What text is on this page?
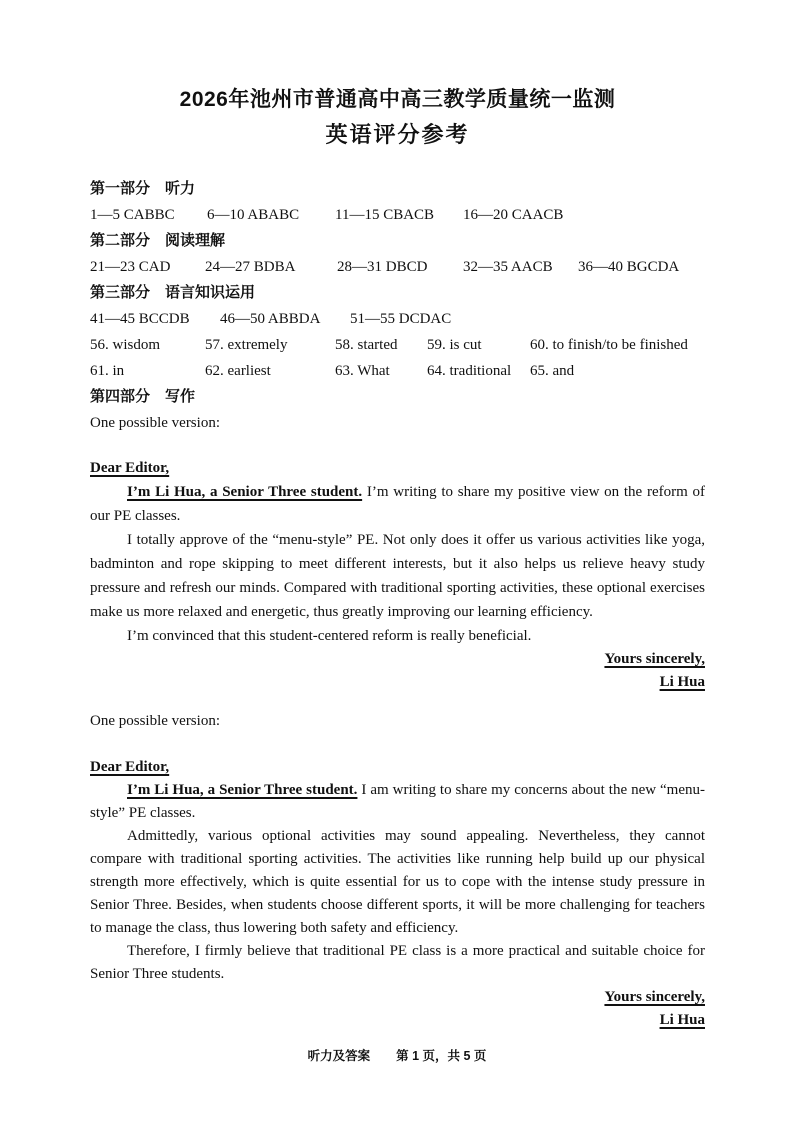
2026年池州市普通高中高三教学质量统一监测
英语评分参考

第一部分　听力

1—5 CABBC	6—10 ABABC	11—15 CBACB	16—20 CAACB

第二部分　阅读理解

21—23 CAD	24—27 BDBA	28—31 DBCD	32—35 AACB	36—40 BGCDA

第三部分　语言知识运用

41—45 BCCDB	46—50 ABBDA	51—55 DCDAC

56. wisdom	57. extremely	58. started	59. is cut	60. to finish/to be finished

61. in	62. earliest	63. What	64. traditional	65. and

第四部分　写作

One possible version:

Dear Editor,

I’m Li Hua, a Senior Three student. I’m writing to share my positive view on the reform of our PE classes.

I totally approve of the “menu-style” PE. Not only does it offer us various activities like yoga, badminton and rope skipping to meet different interests, but it also helps us relieve heavy study pressure and refresh our minds. Compared with traditional sporting activities, these optional exercises make us more relaxed and energetic, thus greatly improving our learning efficiency.

I’m convinced that this student-centered reform is really beneficial.

Yours sincerely,

Li Hua

One possible version:

Dear Editor,

I’m Li Hua, a Senior Three student. I am writing to share my concerns about the new “menu-style” PE classes.

Admittedly, various optional activities may sound appealing. Nevertheless, they cannot compare with traditional sporting activities. The activities like running help build up our physical strength more effectively, which is quite essential for us to cope with the intense study pressure in Senior Three. Besides, when students choose different sports, it will be more challenging for teachers to manage the class, thus lowering both safety and efficiency.

Therefore, I firmly believe that traditional PE class is a more practical and suitable choice for Senior Three students.

Yours sincerely,

Li Hua

听力及答案 第 1 页，共 5 页
